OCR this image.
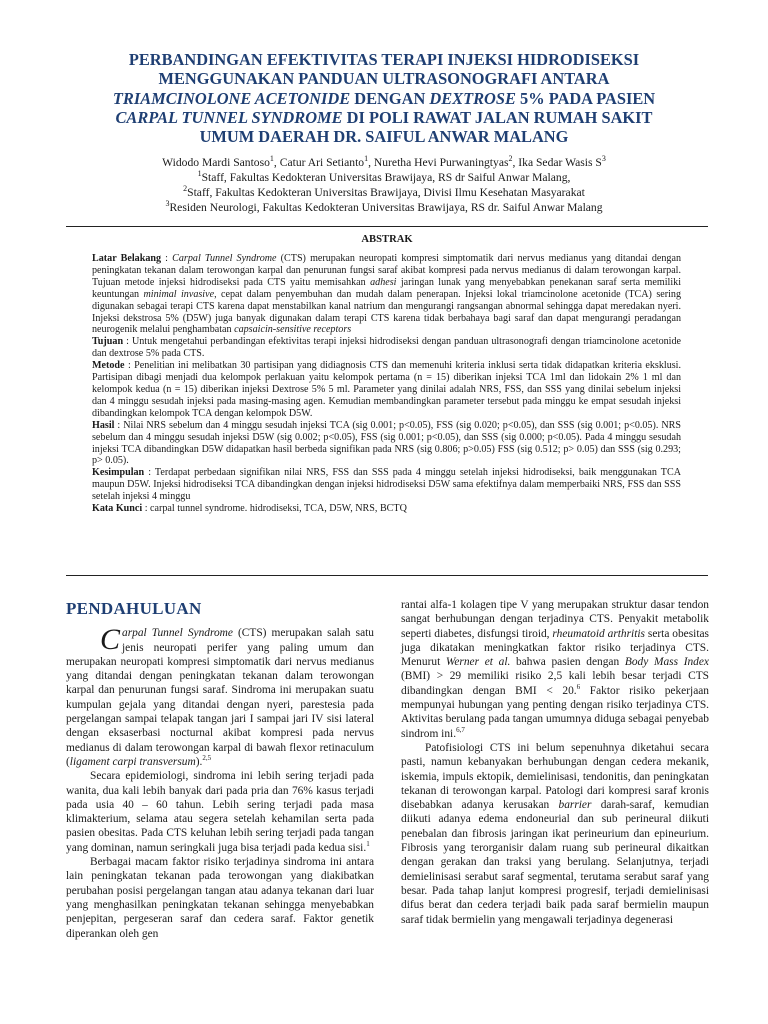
PERBANDINGAN EFEKTIVITAS TERAPI INJEKSI HIDRODISEKSI
MENGGUNAKAN PANDUAN ULTRASONOGRAFI ANTARA
TRIAMCINOLONE ACETONIDE DENGAN DEXTROSE 5% PADA PASIEN
CARPAL TUNNEL SYNDROME DI POLI RAWAT JALAN RUMAH SAKIT
UMUM DAERAH DR. SAIFUL ANWAR MALANG
Widodo Mardi Santoso$^1$, Catur Ari Setianto$^1$, Nuretha Hevi Purwaningtyas$^2$, Ika Sedar Wasis $S^3$
$^1$Staff, Fakultas Kedokteran Universitas Brawijaya, RS dr Saiful Anwar Malang,
$^2$Staff, Fakultas Kedokteran Universitas Brawijaya, Divisi Ilmu Kesehatan Masyarakat
$^3$Residen Neurologi, Fakultas Kedokteran Universitas Brawijaya, RS dr. Saiful Anwar Malang
ABSTRAK

Latar Belakang : Carpal Tunnel Syndrome (CTS) merupakan neuropati kompresi simptomatik dari nervus medianus yang ditandai dengan peningkatan tekanan dalam terowongan karpal dan penurunan fungsi saraf akibat kompresi pada nervus medianus di dalam terowongan karpal. Tujuan metode injeksi hidrodiseksi pada CTS yaitu memisahkan adhesi jaringan lunak yang menyebabkan penekanan saraf serta memiliki keuntungan minimal invasive, cepat dalam penyembuhan dan mudah dalam penerapan. Injeksi lokal triamcinolone acetonide (TCA) sering digunakan sebagai terapi CTS karena dapat menstabilkan kanal natrium dan mengurangi rangsangan abnormal sehingga dapat meredakan nyeri. Injeksi dekstrosa 5% (D5W) juga banyak digunakan dalam terapi CTS karena tidak berbahaya bagi saraf dan dapat mengurangi peradangan neurogenik melalui penghambatan capsaicin-sensitive receptors

Tujuan : Untuk mengetahui perbandingan efektivitas terapi injeksi hidrodiseksi dengan panduan ultrasonografi dengan triamcinolone acetonide dan dextrose 5% pada CTS.

Metode : Penelitian ini melibatkan 30 partisipan yang didiagnosis CTS dan memenuhi kriteria inklusi serta tidak didapatkan kriteria eksklusi. Partisipan dibagi menjadi dua kelompok perlakuan yaitu kelompok pertama (n = 15) diberikan injeksi TCA 1ml dan lidokain 2% 1 ml dan kelompok kedua (n = 15) diberikan injeksi Dextrose 5% 5 ml. Parameter yang dinilai adalah NRS, FSS, dan SSS yang dinilai sebelum injeksi dan 4 minggu sesudah injeksi pada masing-masing agen. Kemudian membandingkan parameter tersebut pada minggu ke empat sesudah injeksi dibandingkan kelompok TCA dengan kelompok D5W.

Hasil : Nilai NRS sebelum dan 4 minggu sesudah injeksi TCA (sig 0.001; p<0.05), FSS (sig 0.020; p<0.05), dan SSS (sig 0.001; p<0.05). NRS sebelum dan 4 minggu sesudah injeksi D5W (sig 0.002; p<0.05), FSS (sig 0.001; p<0.05), dan SSS (sig 0.000; p<0.05). Pada 4 minggu sesudah injeksi TCA dibandingkan D5W didapatkan hasil berbeda signifikan pada NRS (sig 0.806; p>0.05) FSS (sig 0.512; p> 0.05) dan SSS (sig 0.293; p> 0.05).

Kesimpulan : Terdapat perbedaan signifikan nilai NRS, FSS dan SSS pada 4 minggu setelah injeksi hidrodiseksi, baik menggunakan TCA maupun D5W. Injeksi hidrodiseksi TCA dibandingkan dengan injeksi hidrodiseksi D5W sama efektifnya dalam memperbaiki NRS, FSS dan SSS setelah injeksi 4 minggu

Kata Kunci : carpal tunnel syndrome. hidrodiseksi, TCA, D5W, NRS, BCTQ

PENDAHULUAN

Carpal Tunnel Syndrome (CTS) merupakan salah satu jenis neuropati perifer yang paling umum dan merupakan neuropati kompresi simptomatik dari nervus medianus yang ditandai dengan peningkatan tekanan dalam terowongan karpal dan penurunan fungsi saraf. Sindroma ini merupakan suatu kumpulan gejala yang ditandai dengan nyeri, parestesia pada pergelangan sampai telapak tangan jari I sampai jari IV sisi lateral dengan eksaserbasi nocturnal akibat kompresi pada nervus medianus di dalam terowongan karpal di bawah flexor retinaculum (ligament carpi transversum).$^{2,5}$

Secara epidemiologi, sindroma ini lebih sering terjadi pada wanita, dua kali lebih banyak dari pada pria dan 76% kasus terjadi pada usia 40 – 60 tahun. Lebih sering terjadi pada masa klimakterium, selama atau segera setelah kehamilan serta pada pasien obesitas. Pada CTS keluhan lebih sering terjadi pada tangan yang dominan, namun seringkali juga bisa terjadi pada kedua sisi.$^1$

Berbagai macam faktor risiko terjadinya sindroma ini antara lain peningkatan tekanan pada terowongan yang diakibatkan perubahan posisi pergelangan tangan atau adanya tekanan dari luar yang menghasilkan peningkatan tekanan sehingga menyebabkan penjepitan, pergeseran saraf dan cedera saraf. Faktor genetik diperankan oleh gen

rantai alfa-1 kolagen tipe V yang merupakan struktur dasar tendon sangat berhubungan dengan terjadinya CTS. Penyakit metabolik seperti diabetes, disfungsi tiroid, rheumatoid arthritis serta obesitas juga dikatakan meningkatkan faktor risiko terjadinya CTS. Menurut Werner et al. bahwa pasien dengan Body Mass Index (BMI) > 29 memiliki risiko 2,5 kali lebih besar terjadi CTS dibandingkan dengan BMI < 20.$^6$ Faktor risiko pekerjaan mempunyai hubungan yang penting dengan risiko terjadinya CTS. Aktivitas berulang pada tangan umumnya diduga sebagai penyebab sindrom ini.$^{6,7}$

Patofisiologi CTS ini belum sepenuhnya diketahui secara pasti, namun kebanyakan berhubungan dengan cedera mekanik, iskemia, impuls ektopik, demielinisasi, tendonitis, dan peningkatan tekanan di terowongan karpal. Patologi dari kompresi saraf kronis disebabkan adanya kerusakan barrier darah-saraf, kemudian diikuti adanya edema endoneurial dan sub perineural diikuti penebalan dan fibrosis jaringan ikat perineurium dan epineurium. Fibrosis yang terorganisir dalam ruang sub perineural dikaitkan dengan gerakan dan traksi yang berulang. Selanjutnya, terjadi demielinisasi serabut saraf segmental, terutama serabut saraf yang besar. Pada tahap lanjut kompresi progresif, terjadi demielinisasi difus berat dan cedera terjadi baik pada saraf bermielin maupun saraf tidak bermielin yang mengawali terjadinya degenerasi
